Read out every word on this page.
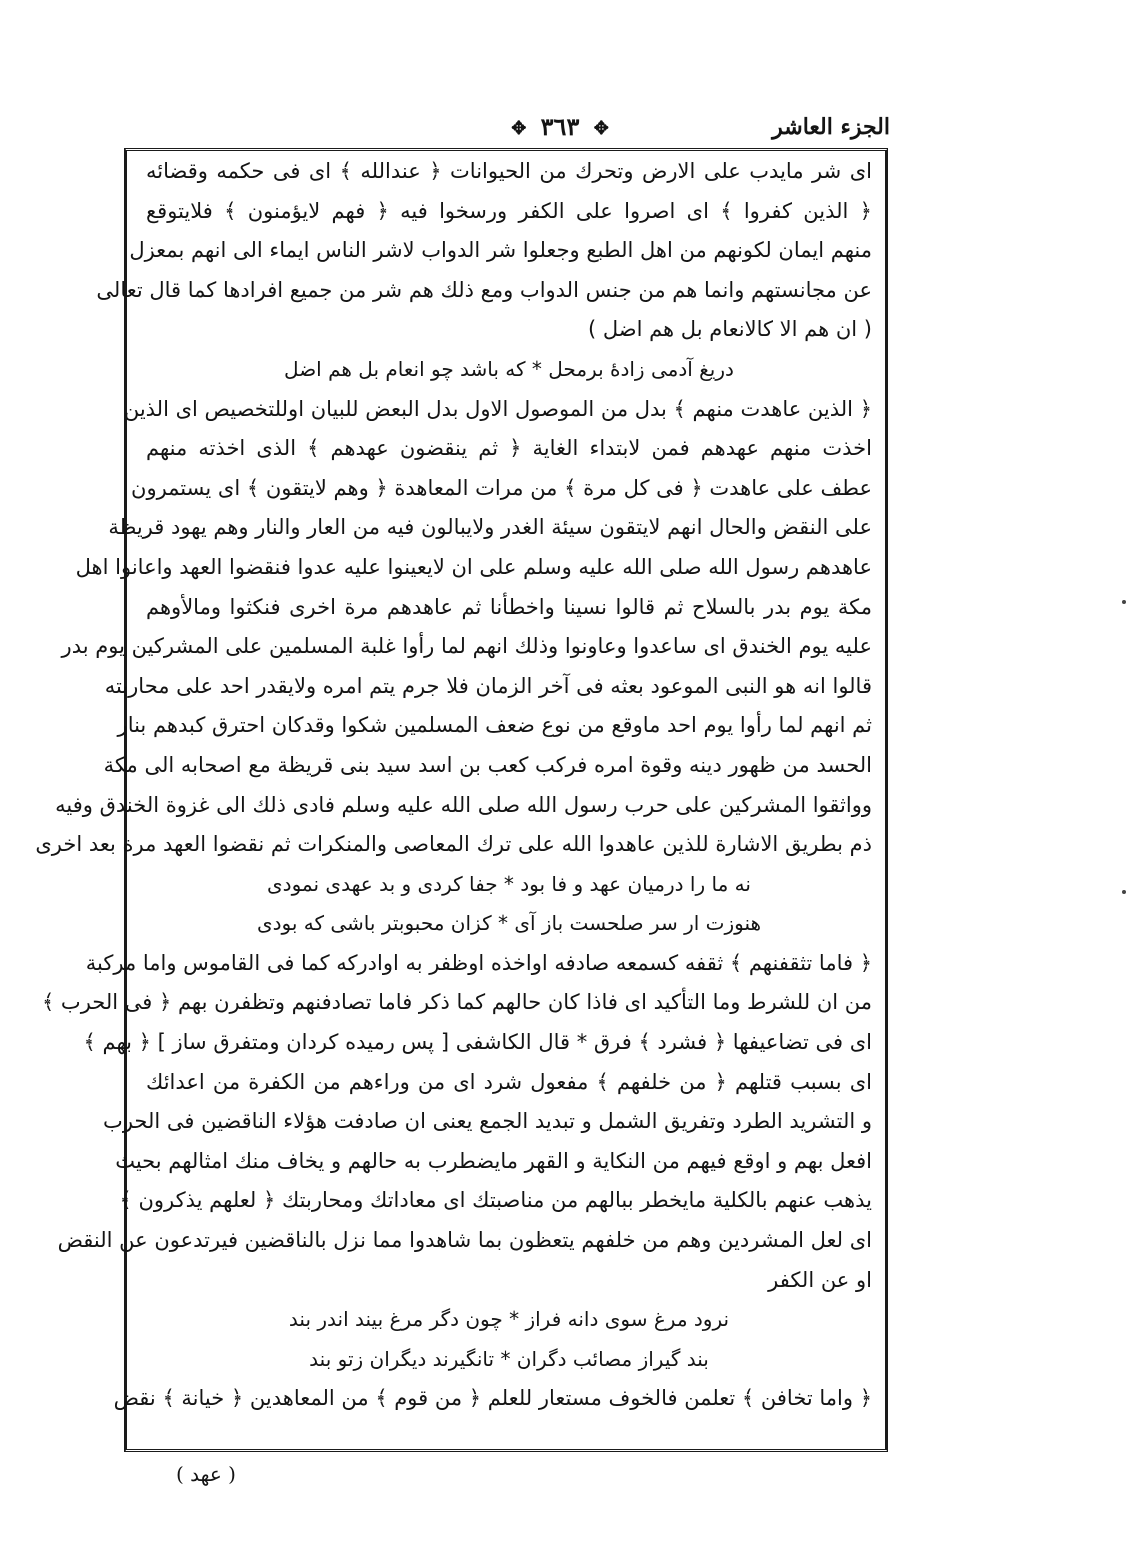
الجزء العاشر
✥ ٣٦٣ ✥
اى شر مايدب على الارض وتحرك من الحيوانات ﴿ عندالله ﴾ اى فى حكمه وقضائه
﴿ الذين كفروا ﴾ اى اصروا على الكفر ورسخوا فيه ﴿ فهم لايؤمنون ﴾ فلايتوقع
منهم ايمان لكونهم من اهل الطبع وجعلوا شر الدواب لاشر الناس ايماء الى انهم بمعزل
عن مجانستهم وانما هم من جنس الدواب ومع ذلك هم شر من جميع افرادها كما قال تعالى
( ان هم الا كالانعام بل هم اضل )
دريغ آدمى زادهٔ برمحل * كه باشد چو انعام بل هم اضل
﴿ الذين عاهدت منهم ﴾ بدل من الموصول الاول بدل البعض للبيان اوللتخصيص اى الذين
اخذت منهم عهدهم فمن لابتداء الغاية ﴿ ثم ينقضون عهدهم ﴾ الذى اخذته منهم
عطف على عاهدت ﴿ فى كل مرة ﴾ من مرات المعاهدة ﴿ وهم لايتقون ﴾ اى يستمرون
على النقض والحال انهم لايتقون سيئة الغدر ولايبالون فيه من العار والنار وهم يهود قريظة
عاهدهم رسول الله صلى الله عليه وسلم على ان لايعينوا عليه عدوا فنقضوا العهد واعانوا اهل
مكة يوم بدر بالسلاح ثم قالوا نسينا واخطأنا ثم عاهدهم مرة اخرى فنكثوا ومالأوهم
عليه يوم الخندق اى ساعدوا وعاونوا وذلك انهم لما رأوا غلبة المسلمين على المشركين يوم بدر
قالوا انه هو النبى الموعود بعثه فى آخر الزمان فلا جرم يتم امره ولايقدر احد على محاربته
ثم انهم لما رأوا يوم احد ماوقع من نوع ضعف المسلمين شكوا وقدكان احترق كبدهم بنار
الحسد من ظهور دينه وقوة امره فركب كعب بن اسد سيد بنى قريظة مع اصحابه الى مكة
وواثقوا المشركين على حرب رسول الله صلى الله عليه وسلم فادى ذلك الى غزوة الخندق وفيه
ذم بطريق الاشارة للذين عاهدوا الله على ترك المعاصى والمنكرات ثم نقضوا العهد مرة بعد اخرى
نه ما را درميان عهد و فا بود * جفا كردى و بد عهدى نمودى
هنوزت ار سر صلحست باز آى * كزان محبوبتر باشى كه بودى
﴿ فاما تثقفنهم ﴾ ثقفه كسمعه صادفه اواخذه اوظفر به اوادركه كما فى القاموس واما مركبة
من ان للشرط وما التأكيد اى فاذا كان حالهم كما ذكر فاما تصادفنهم وتظفرن بهم ﴿ فى الحرب ﴾
اى فى تضاعيفها ﴿ فشرد ﴾ فرق * قال الكاشفى [ پس رميده كردان ومتفرق ساز ] ﴿ بهم ﴾
اى بسبب قتلهم ﴿ من خلفهم ﴾ مفعول شرد اى من وراءهم من الكفرة من اعدائك
و التشريد الطرد وتفريق الشمل و تبديد الجمع يعنى ان صادفت هؤلاء الناقضين فى الحرب
افعل بهم و اوقع فيهم من النكاية و القهر مايضطرب به حالهم و يخاف منك امثالهم بحيث
يذهب عنهم بالكلية مايخطر ببالهم من مناصبتك اى معاداتك ومحاربتك ﴿ لعلهم يذكرون ﴾
اى لعل المشردين وهم من خلفهم يتعظون بما شاهدوا مما نزل بالناقضين فيرتدعون عن النقض
او عن الكفر
نرود مرغ سوى دانه فراز * چون دگر مرغ بيند اندر بند
بند گيراز مصائب دگران * تانگيرند ديگران زتو بند
﴿ واما تخافن ﴾ تعلمن فالخوف مستعار للعلم ﴿ من قوم ﴾ من المعاهدين ﴿ خيانة ﴾ نقض
( عهد )
